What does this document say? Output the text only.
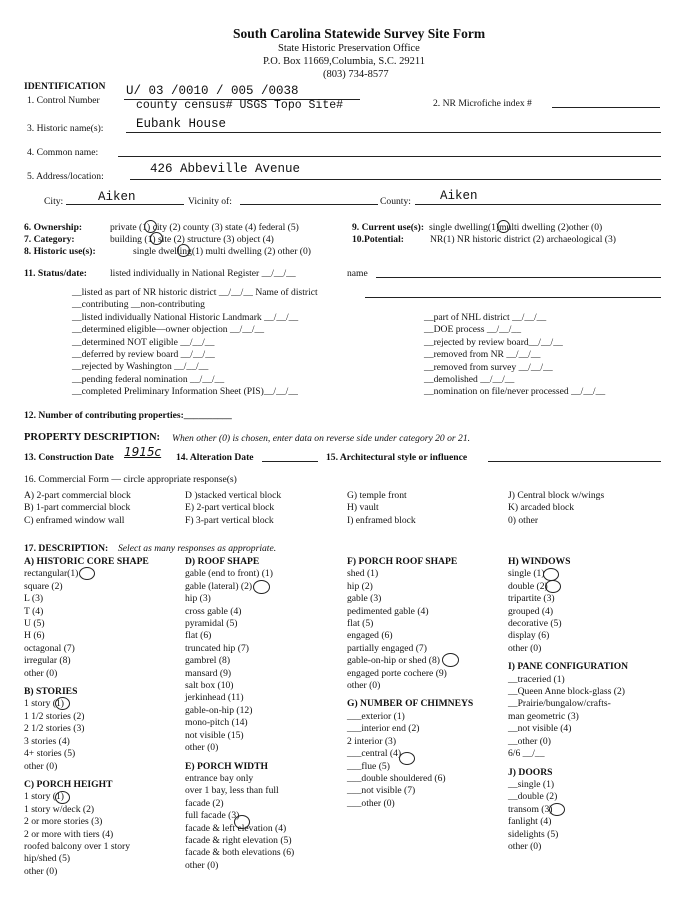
South Carolina Statewide Survey Site Form
State Historic Preservation Office
P.O. Box 11669,Columbia, S.C. 29211
(803) 734-8577
IDENTIFICATION
1. Control Number
U/ 03 /0010 / 005 /0038
county census# USGS Topo Site#	2. NR Microfiche index #
3. Historic name(s):	Eubank House
4. Common name:
5. Address/location:
426 Abbeville Avenue
City:	Aiken	Vicinity of:	County: Aiken
6. Ownership:	private (1) city (2) county (3) state (4) federal (5)
7. Category:	building (1) site (2) structure (3) object (4)
8. Historic use(s):	single dwelling(1) multi dwelling (2) other (0)
9. Current use(s): single dwelling(1)multi dwelling (2)other (0)
10.Potential:	NR(1) NR historic district (2) archaeological (3)
11. Status/date: listed individually in National Register __/__/__	name
__listed as part of NR historic district __/__/__ Name of district
__contributing __non-contributing
__listed individually National Historic Landmark __/__/__
__determined eligible—owner objection __/__/__
__determined NOT eligible __/__/__
__deferred by review board __/__/__
__rejected by Washington __/__/__
__pending federal nomination __/__/__
__completed Preliminary Information Sheet (PIS)__/__/__
__part of NHL district __/__/__
__DOE process __/__/__
__rejected by review board__/__/__
__removed from NR __/__/__
__removed from survey __/__/__
__demolished __/__/__
__nomination on file/never processed __/__/__
12. Number of contributing properties:__________
PROPERTY DESCRIPTION: When other (0) is chosen, enter data on reverse side under category 20 or 21.
13. Construction Date 1915c 14. Alteration Date	15. Architectural style or influence
16. Commercial Form — circle appropriate response(s)
A) 2-part commercial block
B) 1-part commercial block
C) enframed window wall
D )stacked vertical block
E) 2-part vertical block
F) 3-part vertical block
G) temple front
H) vault
I) enframed block
J) Central block w/wings
K) arcaded block
0) other
17. DESCRIPTION: Select as many responses as appropriate.
A) HISTORIC CORE SHAPE
rectangular(1)
square (2)
L (3)
T (4)
U (5)
H (6)
octagonal (7)
irregular (8)
other (0)
B) STORIES
1 story (1)
1 1/2 stories (2)
2 1/2 stories (3)
3 stories (4)
4+ stories (5)
other (0)
C) PORCH HEIGHT
1 story (1)
1 story w/deck (2)
2 or more stories (3)
2 or more with tiers (4)
roofed balcony over 1 story
hip/shed (5)
other (0)
D) ROOF SHAPE
gable (end to front) (1)
gable (lateral) (2)
hip (3)
cross gable (4)
pyramidal (5)
flat (6)
truncated hip (7)
gambrel (8)
mansard (9)
salt box (10)
jerkinhead (11)
gable-on-hip (12)
mono-pitch (14)
not visible (15)
other (0)
E) PORCH WIDTH
entrance bay only
over 1 bay, less than full
facade (2)
full facade (3)
facade & left elevation (4)
facade & right elevation (5)
facade & both elevations (6)
other (0)
F) PORCH ROOF SHAPE
shed (1)
hip (2)
gable (3)
pedimented gable (4)
flat (5)
engaged (6)
partially engaged (7)
gable-on-hip or shed (8)
engaged porte cochere (9)
other (0)
G) NUMBER OF CHIMNEYS
___exterior (1)
___interior end (2)
2 interior (3)
___central (4)
___flue (5)
___double shouldered (6)
___not visible (7)
___other (0)
H) WINDOWS
single (1)
double (2)
tripartite (3)
grouped (4)
decorative (5)
display (6)
other (0)
I) PANE CONFIGURATION
__traceried (1)
__Queen Anne block-glass (2)
__Prairie/bungalow/crafts-
man geometric (3)
__not visible (4)
__other (0)
6/6 __/__
J) DOORS
__single (1)
__double (2)
transom (3)
fanlight (4)
sidelights (5)
other (0)
